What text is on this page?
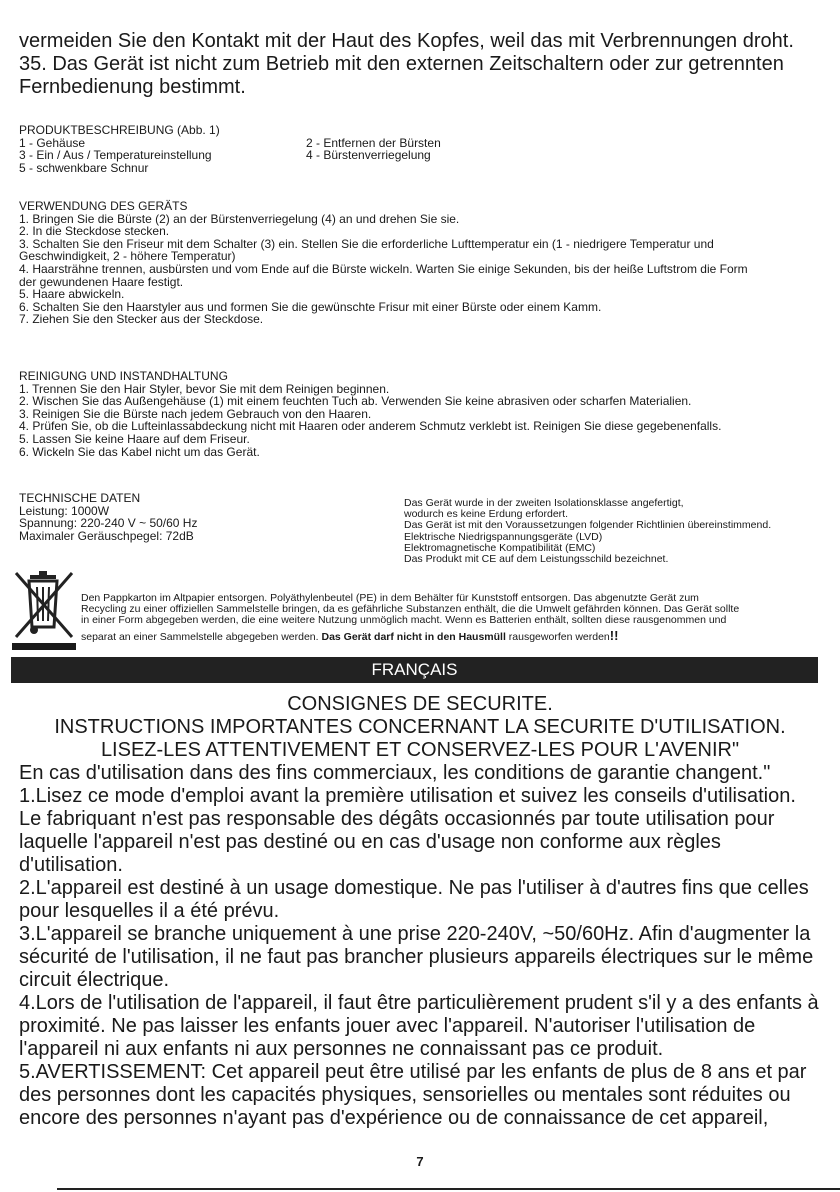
vermeiden Sie den Kontakt mit der Haut des Kopfes, weil das mit Verbrennungen droht.
35. Das Gerät ist nicht zum Betrieb mit den externen Zeitschaltern oder zur getrennten
Fernbedienung bestimmt.
PRODUKTBESCHREIBUNG (Abb. 1)
1 - Gehäuse	2 - Entfernen der Bürsten
3 - Ein / Aus / Temperatureinstellung	4 - Bürstenverriegelung
5 - schwenkbare Schnur
VERWENDUNG DES GERÄTS
1. Bringen Sie die Bürste (2) an der Bürstenverriegelung (4) an und drehen Sie sie.
2. In die Steckdose stecken.
3. Schalten Sie den Friseur mit dem Schalter (3) ein. Stellen Sie die erforderliche Lufttemperatur ein (1 - niedrigere Temperatur und
Geschwindigkeit, 2 - höhere Temperatur)
4. Haarsträhne trennen, ausbürsten und vom Ende auf die Bürste wickeln. Warten Sie einige Sekunden, bis der heiße Luftstrom die Form
der gewundenen Haare festigt.
5. Haare abwickeln.
6. Schalten Sie den Haarstyler aus und formen Sie die gewünschte Frisur mit einer Bürste oder einem Kamm.
7. Ziehen Sie den Stecker aus der Steckdose.
REINIGUNG UND INSTANDHALTUNG
1. Trennen Sie den Hair Styler, bevor Sie mit dem Reinigen beginnen.
2. Wischen Sie das Außengehäuse (1) mit einem feuchten Tuch ab. Verwenden Sie keine abrasiven oder scharfen Materialien.
3. Reinigen Sie die Bürste nach jedem Gebrauch von den Haaren.
4. Prüfen Sie, ob die Lufteinlassabdeckung nicht mit Haaren oder anderem Schmutz verklebt ist. Reinigen Sie diese gegebenenfalls.
5. Lassen Sie keine Haare auf dem Friseur.
6. Wickeln Sie das Kabel nicht um das Gerät.
TECHNISCHE DATEN
Leistung: 1000W
Spannung: 220-240 V ~ 50/60 Hz
Maximaler Geräuschpegel: 72dB
Das Gerät wurde in der zweiten Isolationsklasse angefertigt,
wodurch es keine Erdung erfordert.
Das Gerät ist mit den Voraussetzungen folgender Richtlinien übereinstimmend.
Elektrische Niedrigspannungsgeräte (LVD)
Elektromagnetische Kompatibilität (EMC)
Das Produkt mit CE auf dem Leistungsschild bezeichnet.
Den Pappkarton im Altpapier entsorgen. Polyäthylenbeutel (PE) in dem Behälter für Kunststoff entsorgen. Das abgenutzte Gerät zum
Recycling zu einer offiziellen Sammelstelle bringen, da es gefährliche Substanzen enthält, die die Umwelt gefährden können. Das Gerät sollte
in einer Form abgegeben werden, die eine weitere Nutzung unmöglich macht. Wenn es Batterien enthält, sollten diese rausgenommen und
separat an einer Sammelstelle abgegeben werden. Das Gerät darf nicht in den Hausmüll rausgeworfen werden!!
FRANÇAIS
CONSIGNES DE SECURITE.
INSTRUCTIONS IMPORTANTES CONCERNANT LA SECURITE D'UTILISATION.
LISEZ-LES ATTENTIVEMENT ET CONSERVEZ-LES POUR L'AVENIR"
En cas d'utilisation dans des fins commerciaux, les conditions de garantie changent."
1.Lisez ce mode d'emploi avant la première utilisation et suivez les conseils d'utilisation.
Le fabriquant n'est pas responsable des dégâts occasionnés par toute utilisation pour
laquelle l'appareil n'est pas destiné ou en cas d'usage non conforme aux règles
d'utilisation.
2.L'appareil est destiné à un usage domestique. Ne pas l'utiliser à d'autres fins que celles
pour lesquelles il a été prévu.
3.L'appareil se branche uniquement à une prise 220-240V, ~50/60Hz. Afin d'augmenter la
sécurité de l'utilisation, il ne faut pas brancher plusieurs appareils électriques sur le même
circuit électrique.
4.Lors de l'utilisation de l'appareil, il faut être particulièrement prudent s'il y a des enfants à
proximité. Ne pas laisser les enfants jouer avec l'appareil. N'autoriser l'utilisation de
l'appareil ni aux enfants ni aux personnes ne connaissant pas ce produit.
5.AVERTISSEMENT: Cet appareil peut être utilisé par les enfants de plus de 8 ans et par
des personnes dont les capacités physiques, sensorielles ou mentales sont réduites ou
encore des personnes n'ayant pas d'expérience ou de connaissance de cet appareil,
7
